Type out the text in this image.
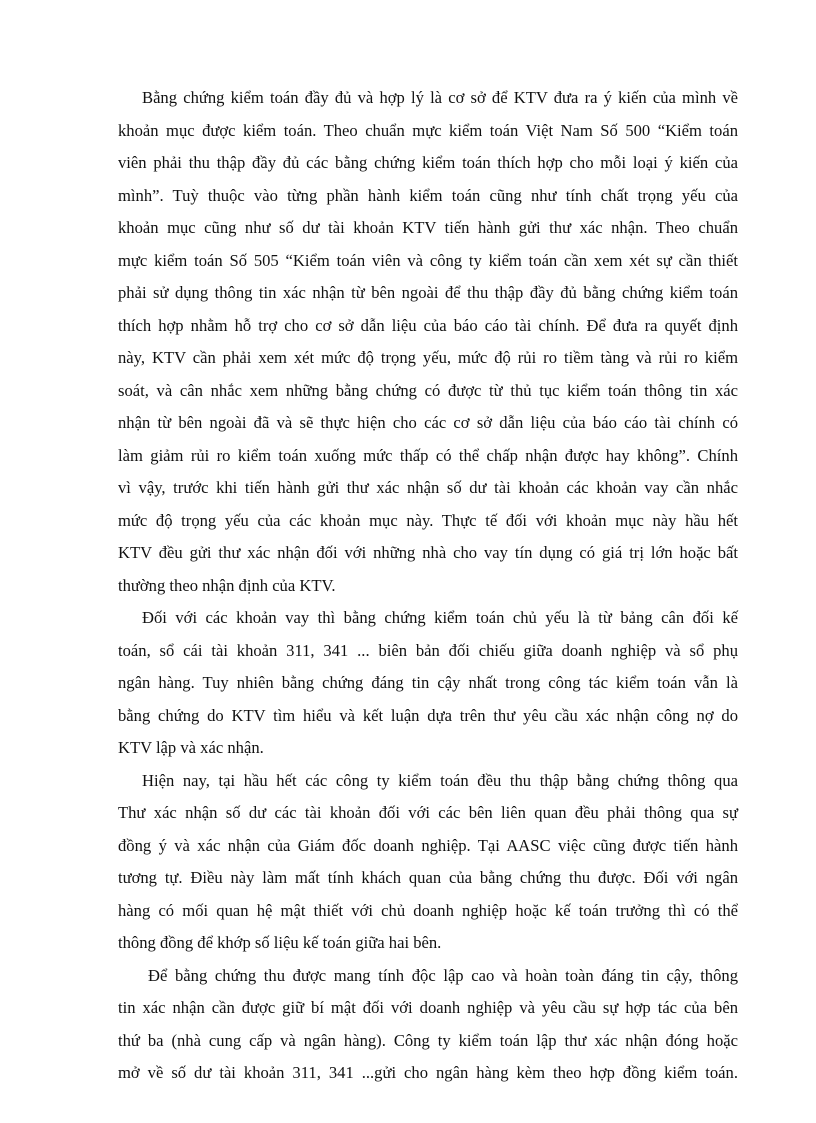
Bằng chứng kiểm toán đầy đủ và hợp lý là cơ sở để KTV đưa ra ý kiến của mình về
khoản mục được kiểm toán. Theo chuẩn mực kiểm toán Việt Nam Số 500 “Kiểm toán
viên phải thu thập đầy đủ các bằng chứng kiểm toán thích hợp cho mỗi loại ý kiến của
mình”. Tuỳ thuộc vào từng phần hành kiểm toán cũng như tính chất trọng yếu của
khoản mục cũng như số dư tài khoản KTV tiến hành gửi thư xác nhận. Theo chuẩn
mực kiểm toán Số 505 “Kiểm toán viên và công ty kiểm toán cần xem xét sự cần thiết
phải sử dụng thông tin xác nhận từ bên ngoài để thu thập đầy đủ bằng chứng kiểm toán
thích hợp nhằm hỗ trợ cho cơ sở dẫn liệu của báo cáo tài chính. Để đưa ra quyết định
này, KTV cần phải xem xét mức độ trọng yếu, mức độ rủi ro tiềm tàng và rủi ro kiểm
soát, và cân nhắc xem những bằng chứng có được từ thủ tục kiểm toán thông tin xác
nhận từ bên ngoài đã và sẽ thực hiện cho các cơ sở dẫn liệu của báo cáo tài chính có
làm giảm rủi ro kiểm toán xuống mức thấp có thể chấp nhận được hay không”. Chính
vì vậy, trước khi tiến hành gửi thư xác nhận số dư tài khoản các khoản vay cần nhắc
mức độ trọng yếu của các khoản mục này. Thực tế đối với khoản mục này hầu hết
KTV đều gửi thư xác nhận đối với những nhà cho vay tín dụng có giá trị lớn hoặc bất
thường theo nhận định của KTV.
Đối với các khoản vay thì bằng chứng kiểm toán chủ yếu là từ bảng cân đối kế
toán, sổ cái tài khoản 311, 341 ... biên bản đối chiếu giữa doanh nghiệp và sổ phụ
ngân hàng. Tuy nhiên bằng chứng đáng tin cậy nhất trong công tác kiểm toán vẫn là
bằng chứng do KTV tìm hiểu và kết luận dựa trên thư yêu cầu xác nhận công nợ do
KTV lập và xác nhận.
Hiện nay, tại hầu hết các công ty kiểm toán đều thu thập bằng chứng thông qua
Thư xác nhận số dư các tài khoản đối với các bên liên quan đều phải thông qua sự
đồng ý và xác nhận của Giám đốc doanh nghiệp. Tại AASC việc cũng được tiến hành
tương tự. Điều này làm mất tính khách quan của bằng chứng thu được. Đối với ngân
hàng có mối quan hệ mật thiết với chủ doanh nghiệp hoặc kế toán trưởng thì có thể
thông đồng để khớp số liệu kế toán giữa hai bên.
Để bằng chứng thu được mang tính độc lập cao và hoàn toàn đáng tin cậy, thông
tin xác nhận cần được giữ bí mật đối với doanh nghiệp và yêu cầu sự hợp tác của bên
thứ ba (nhà cung cấp và ngân hàng). Công ty kiểm toán lập thư xác nhận đóng hoặc
mở về số dư tài khoản 311, 341 ...gửi cho ngân hàng kèm theo hợp đồng kiểm toán.
